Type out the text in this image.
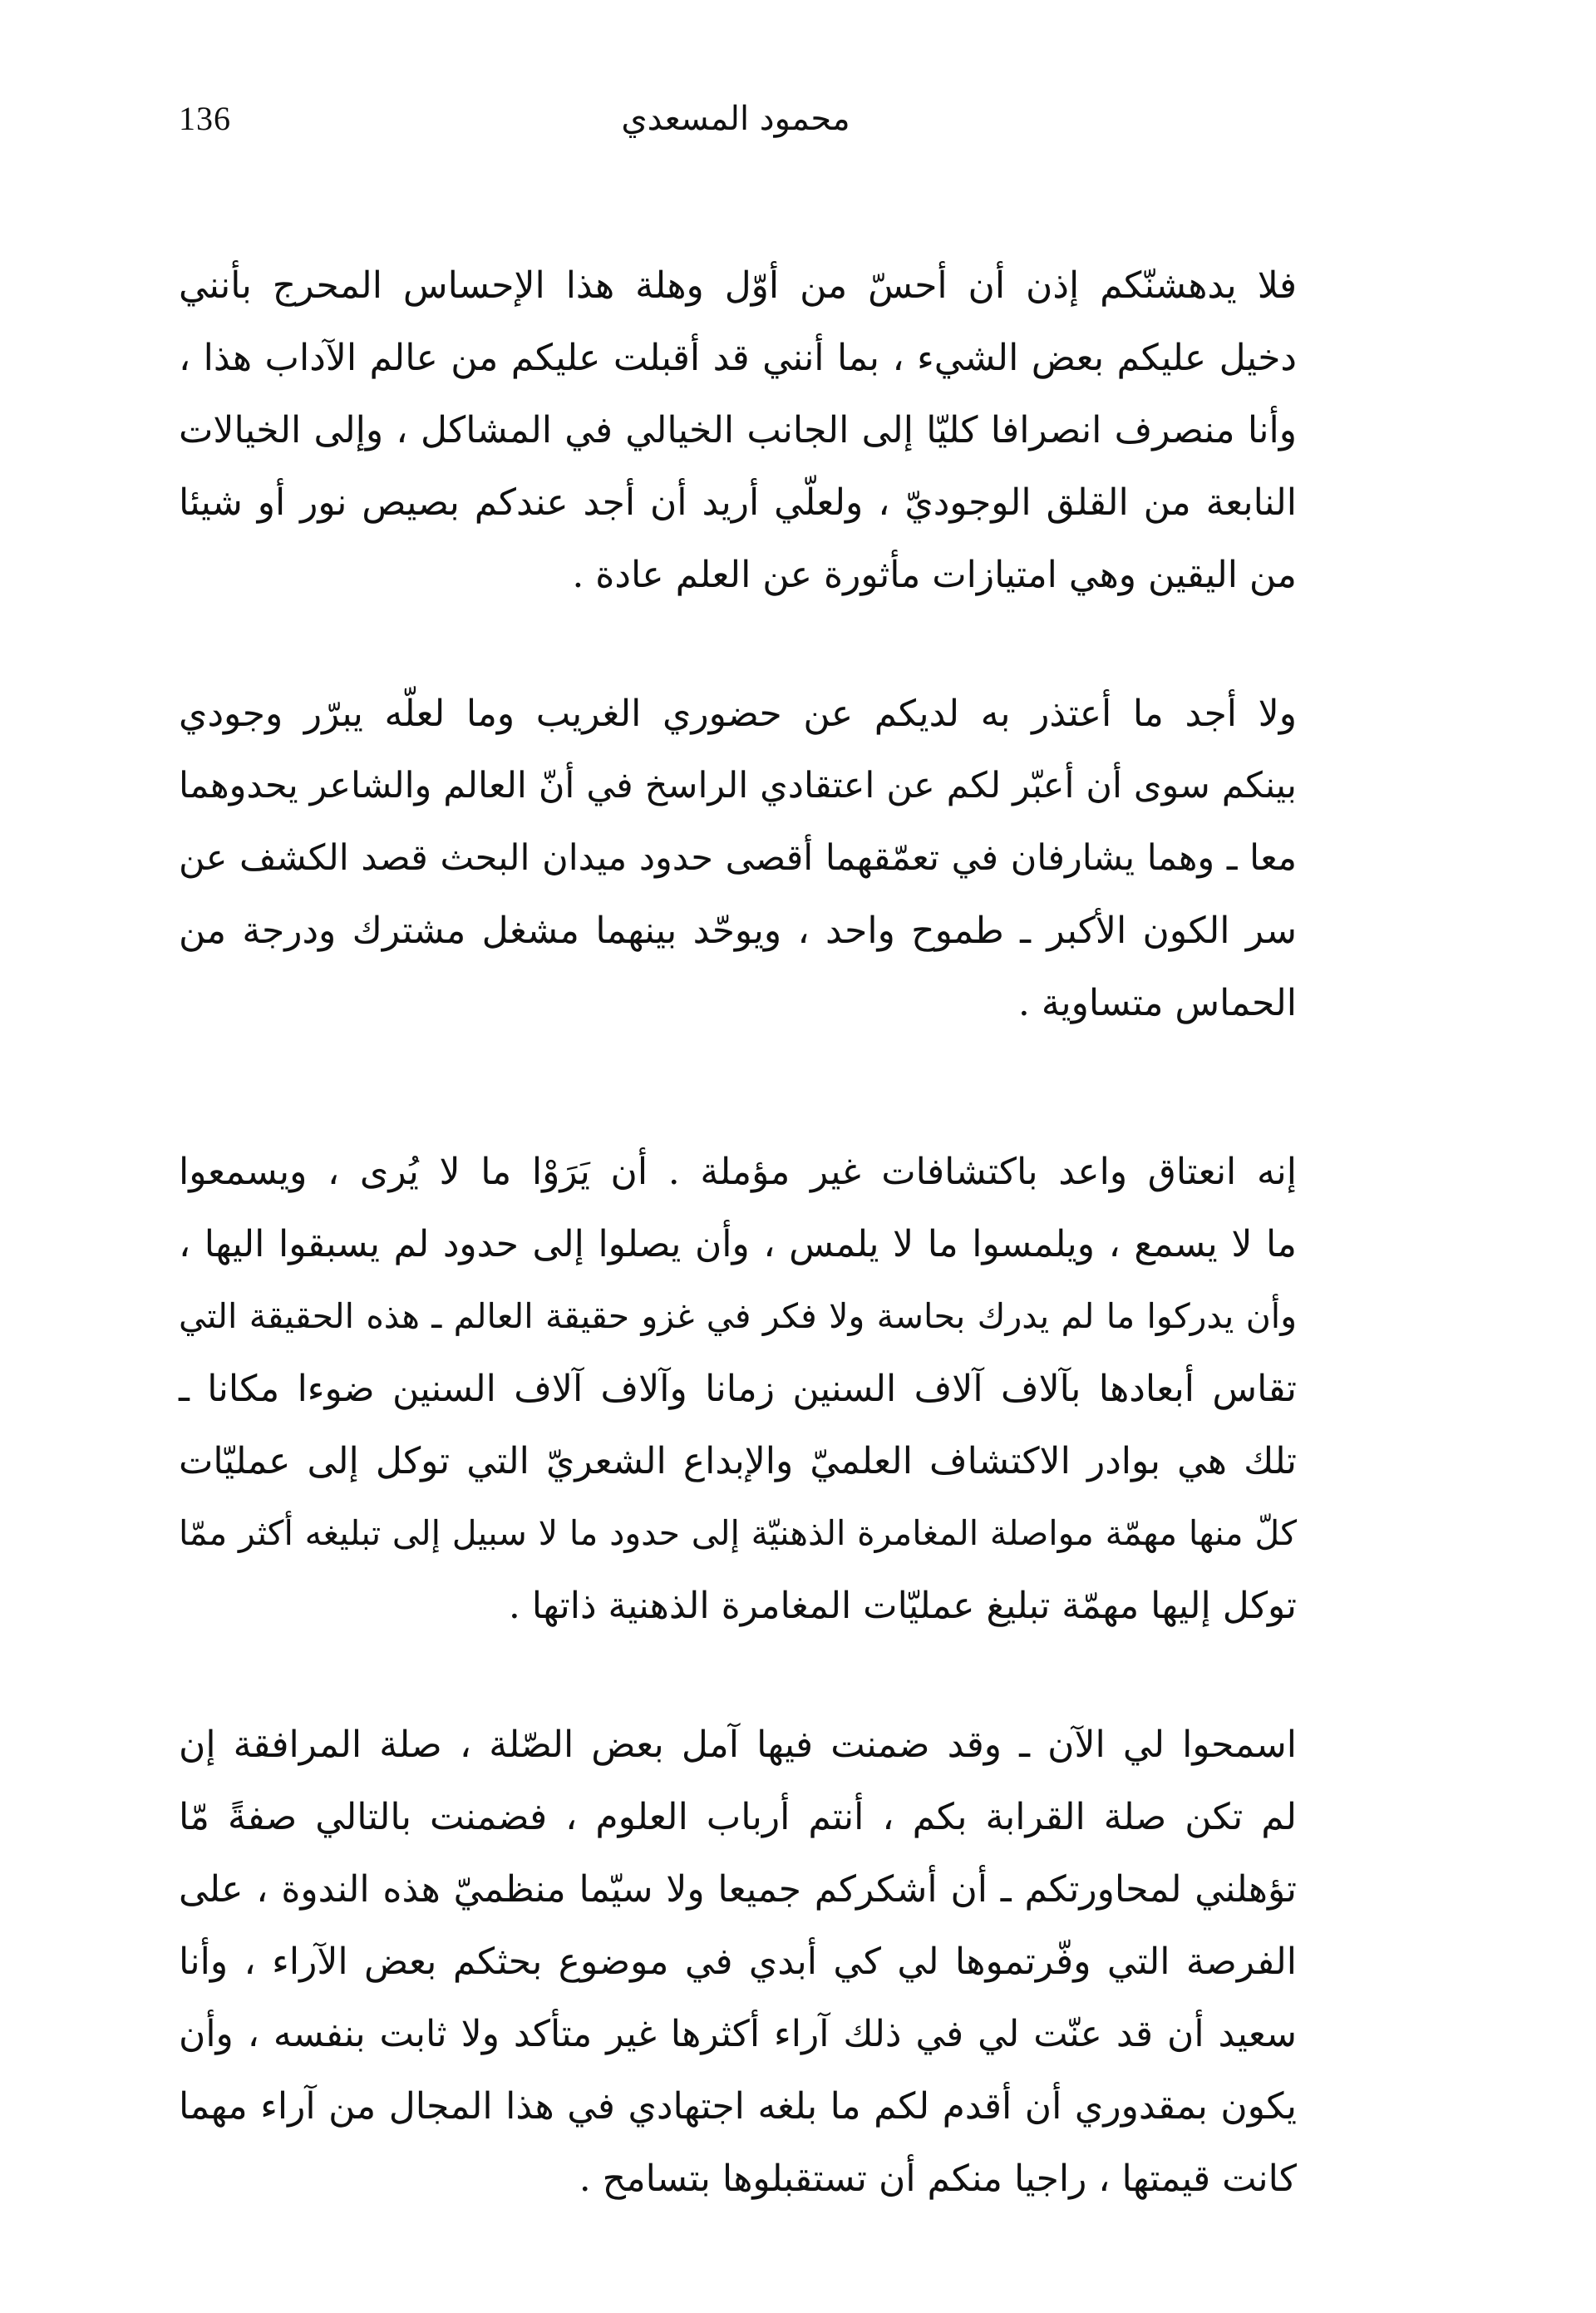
136	محمود المسعدي
فلا يدهشنّكم إذن أن أحسّ من أوّل وهلة هذا الإحساس المحرج بأنني
دخيل عليكم بعض الشيء ، بما أنني قد أقبلت عليكم من عالم الآداب هذا ،
وأنا منصرف انصرافا كليّا إلى الجانب الخيالي في المشاكل ، وإلى الخيالات
النابعة من القلق الوجوديّ ، ولعلّي أريد أن أجد عندكم بصيص نور أو شيئا
من اليقين وهي امتيازات مأثورة عن العلم عادة .
ولا أجد ما أعتذر به لديكم عن حضوري الغريب وما لعلّه يبرّر وجودي
بينكم سوى أن أعبّر لكم عن اعتقادي الراسخ في أنّ العالم والشاعر يحدوهما
معا ـ وهما يشارفان في تعمّقهما أقصى حدود ميدان البحث قصد الكشف عن
سر الكون الأكبر ـ طموح واحد ، ويوحّد بينهما مشغل مشترك ودرجة من
الحماس متساوية .
إنه انعتاق واعد باكتشافات غير مؤملة . أن يَرَوْا ما لا يُرى ، ويسمعوا
ما لا يسمع ، ويلمسوا ما لا يلمس ، وأن يصلوا إلى حدود لم يسبقوا اليها ،
وأن يدركوا ما لم يدرك بحاسة ولا فكر في غزو حقيقة العالم ـ هذه الحقيقة التي
تقاس أبعادها بآلاف آلاف السنين زمانا وآلاف آلاف السنين ضوءا مكانا ـ
تلك هي بوادر الاكتشاف العلميّ والإبداع الشعريّ التي توكل إلى عمليّات
كلّ منها مهمّة مواصلة المغامرة الذهنيّة إلى حدود ما لا سبيل إلى تبليغه أكثر ممّا
توكل إليها مهمّة تبليغ عمليّات المغامرة الذهنية ذاتها .
اسمحوا لي الآن ـ وقد ضمنت فيها آمل بعض الصّلة ، صلة المرافقة إن
لم تكن صلة القرابة بكم ، أنتم أرباب العلوم ، فضمنت بالتالي صفةً مّا
تؤهلني لمحاورتكم ـ أن أشكركم جميعا ولا سيّما منظميّ هذه الندوة ، على
الفرصة التي وفّرتموها لي كي أبدي في موضوع بحثكم بعض الآراء ، وأنا
سعيد أن قد عنّت لي في ذلك آراء أكثرها غير متأكد ولا ثابت بنفسه ، وأن
يكون بمقدوري أن أقدم لكم ما بلغه اجتهادي في هذا المجال من آراء مهما
كانت قيمتها ، راجيا منكم أن تستقبلوها بتسامح .
